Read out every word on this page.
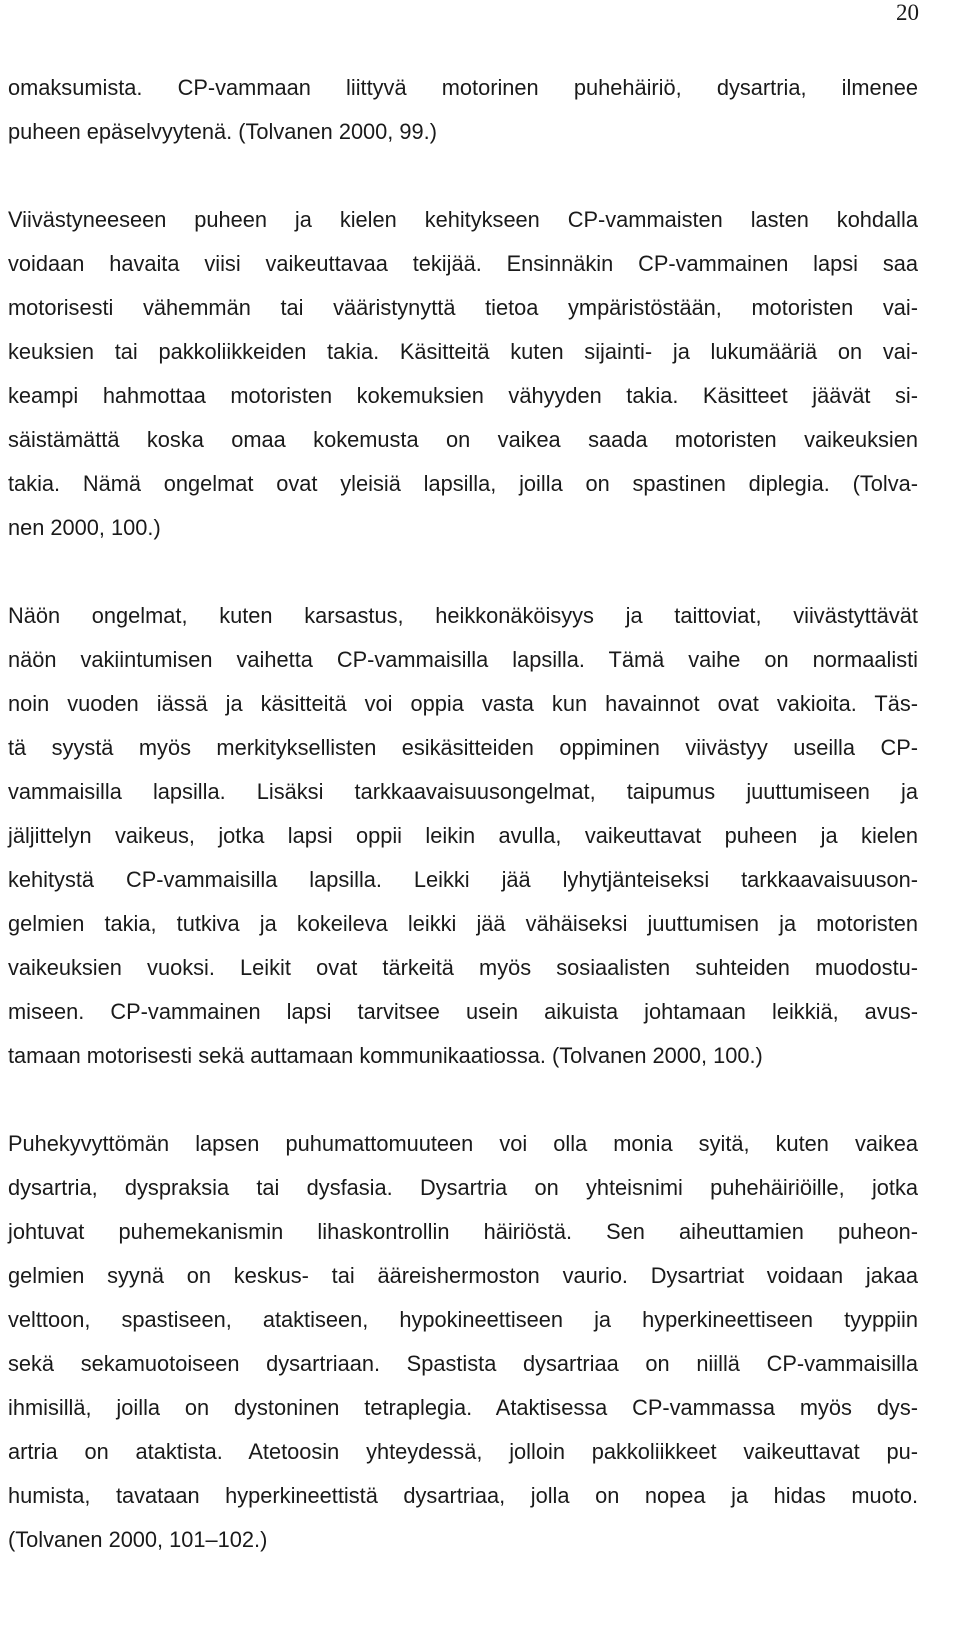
20
omaksumista. CP-vammaan liittyvä motorinen puhehäiriö, dysartria, ilmenee
puheen epäselvyytenä. (Tolvanen 2000, 99.)
Viivästyneeseen puheen ja kielen kehitykseen CP-vammaisten lasten kohdalla
voidaan havaita viisi vaikeuttavaa tekijää. Ensinnäkin CP-vammainen lapsi saa
motorisesti vähemmän tai vääristynyttä tietoa ympäristöstään, motoristen vai-
keuksien tai pakkoliikkeiden takia. Käsitteitä kuten sijainti- ja lukumääriä on vai-
keampi hahmottaa motoristen kokemuksien vähyyden takia. Käsitteet jäävät si-
säistämättä koska omaa kokemusta on vaikea saada motoristen vaikeuksien
takia. Nämä ongelmat ovat yleisiä lapsilla, joilla on spastinen diplegia. (Tolva-
nen 2000, 100.)
Näön ongelmat, kuten karsastus, heikkonäköisyys ja taittoviat, viivästyttävät
näön vakiintumisen vaihetta CP-vammaisilla lapsilla. Tämä vaihe on normaalisti
noin vuoden iässä ja käsitteitä voi oppia vasta kun havainnot ovat vakioita. Täs-
tä syystä myös merkityksellisten esikäsitteiden oppiminen viivästyy useilla CP-
vammaisilla lapsilla. Lisäksi tarkkaavaisuusongelmat, taipumus juuttumiseen ja
jäljittelyn vaikeus, jotka lapsi oppii leikin avulla, vaikeuttavat puheen ja kielen
kehitystä CP-vammaisilla lapsilla. Leikki jää lyhytjänteiseksi tarkkaavaisuuson-
gelmien takia, tutkiva ja kokeileva leikki jää vähäiseksi juuttumisen ja motoristen
vaikeuksien vuoksi. Leikit ovat tärkeitä myös sosiaalisten suhteiden muodostu-
miseen. CP-vammainen lapsi tarvitsee usein aikuista johtamaan leikkiä, avus-
tamaan motorisesti sekä auttamaan kommunikaatiossa. (Tolvanen 2000, 100.)
Puhekyvyttömän lapsen puhumattomuuteen voi olla monia syitä, kuten vaikea
dysartria, dyspraksia tai dysfasia. Dysartria on yhteisnimi puhehäiriöille, jotka
johtuvat puhemekanismin lihaskontrollin häiriöstä. Sen aiheuttamien puheon-
gelmien syynä on keskus- tai ääreishermoston vaurio. Dysartriat voidaan jakaa
velttoon, spastiseen, ataktiseen, hypokineettiseen ja hyperkineettiseen tyyppiin
sekä sekamuotoiseen dysartriaan. Spastista dysartriaa on niillä CP-vammaisilla
ihmisillä, joilla on dystoninen tetraplegia. Ataktisessa CP-vammassa myös dys-
artria on ataktista. Atetoosin yhteydessä, jolloin pakkoliikkeet vaikeuttavat pu-
humista, tavataan hyperkineettistä dysartriaa, jolla on nopea ja hidas muoto.
(Tolvanen 2000, 101–102.)
